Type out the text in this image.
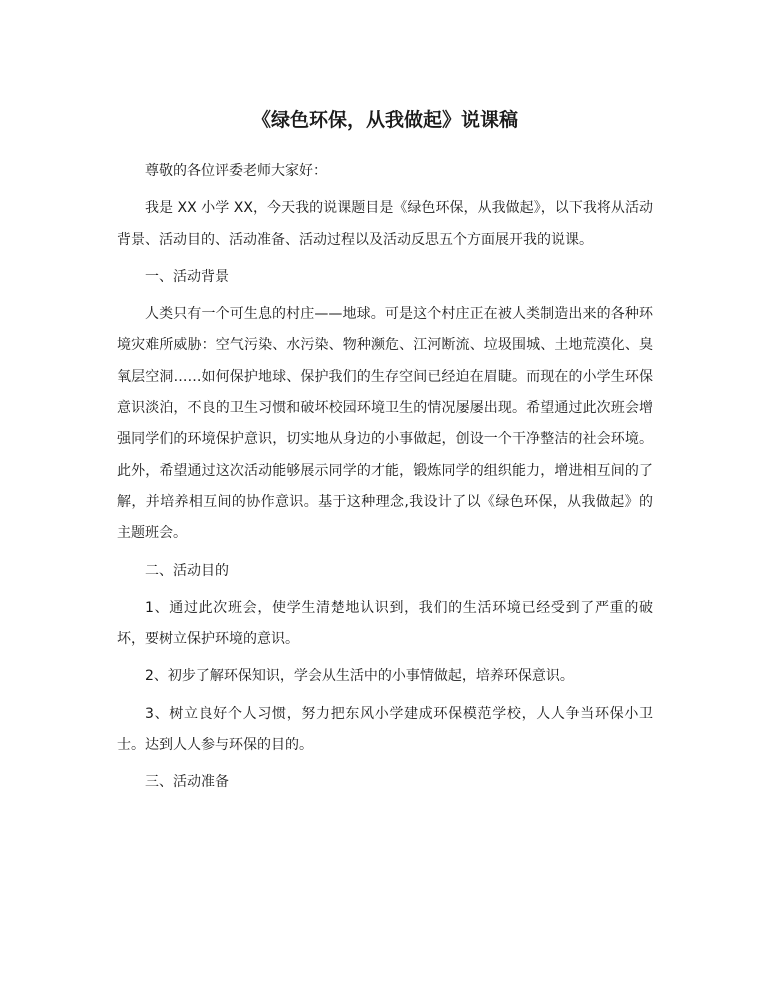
《绿色环保，从我做起》说课稿

尊敬的各位评委老师大家好：

我是 XX 小学 XX，今天我的说课题目是《绿色环保，从我做起》，以下我将从活动背景、活动目的、活动准备、活动过程以及活动反思五个方面展开我的说课。

一、活动背景

人类只有一个可生息的村庄——地球。可是这个村庄正在被人类制造出来的各种环境灾难所威胁：空气污染、水污染、物种濒危、江河断流、垃圾围城、土地荒漠化、臭氧层空洞……如何保护地球、保护我们的生存空间已经迫在眉睫。而现在的小学生环保意识淡泊，不良的卫生习惯和破坏校园环境卫生的情况屡屡出现。希望通过此次班会增强同学们的环境保护意识，切实地从身边的小事做起，创设一个干净整洁的社会环境。此外，希望通过这次活动能够展示同学的才能，锻炼同学的组织能力，增进相互间的了解，并培养相互间的协作意识。基于这种理念,我设计了以《绿色环保，从我做起》的主题班会。

二、活动目的

1、通过此次班会，使学生清楚地认识到，我们的生活环境已经受到了严重的破坏，要树立保护环境的意识。

2、初步了解环保知识，学会从生活中的小事情做起，培养环保意识。

3、树立良好个人习惯，努力把东风小学建成环保模范学校，人人争当环保小卫士。达到人人参与环保的目的。

三、活动准备
